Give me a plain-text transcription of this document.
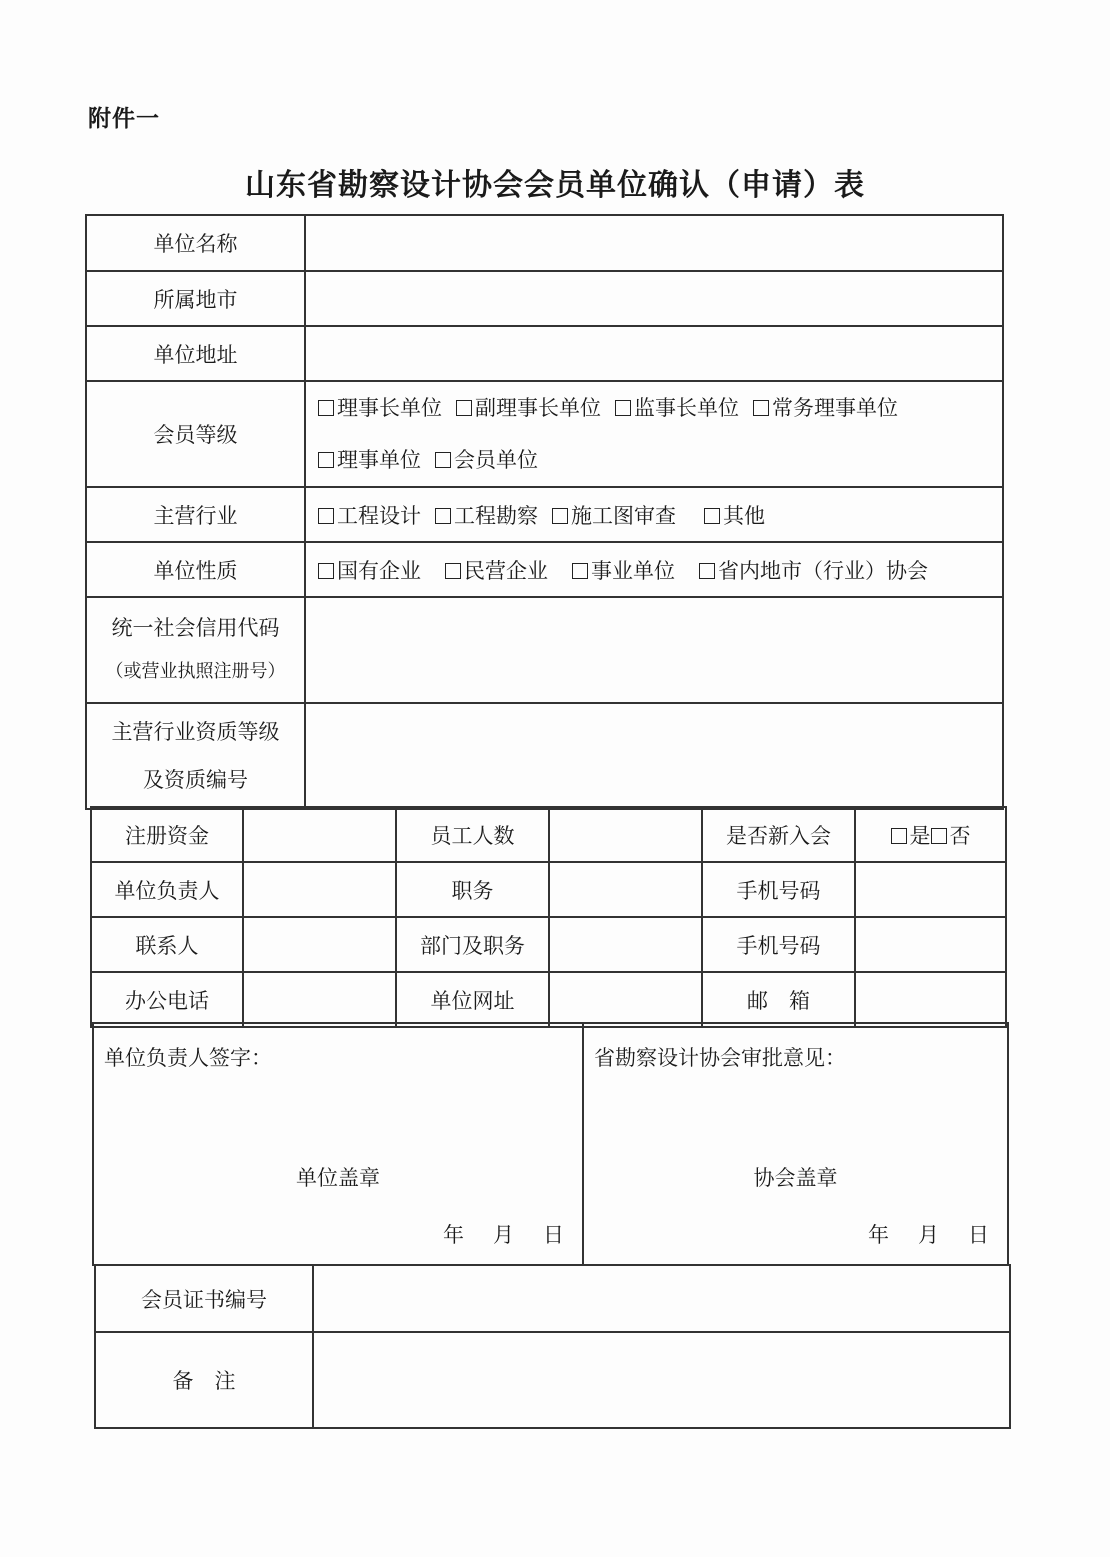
附件一
山东省勘察设计协会会员单位确认（申请）表
单位名称	
所属地市	
单位地址	
会员等级	理事长单位 副理事长单位 监事长单位 常务理事单位
理事单位 会员单位
主营行业	工程设计 工程勘察 施工图审查 其他
单位性质	国有企业 民营企业 事业单位 省内地市（行业）协会

统一社会信用代码
（或营业执照注册号）	

主营行业资质等级
及资质编号	

注册资金		员工人数		是否新入会	是 否
单位负责人		职务		手机号码	
联系人		部门及职务		手机号码	
办公电话		单位网址		邮　箱	
单位负责人签字：
单位盖章
年　月　日

省勘察设计协会审批意见：
协会盖章
年　月　日
会员证书编号	
备　注	
